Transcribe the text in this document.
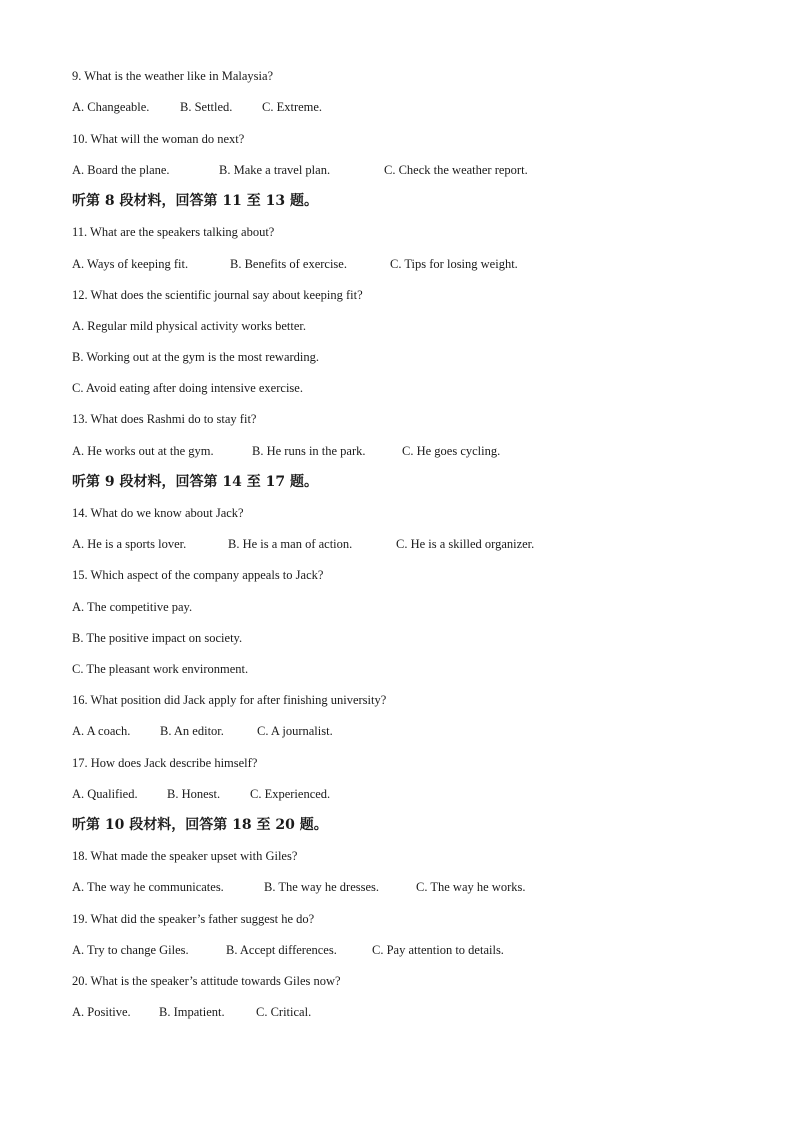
9. What is the weather like in Malaysia?
A. Changeable. B. Settled. C. Extreme.
10. What will the woman do next?
A. Board the plane.	B. Make a travel plan.	C. Check the weather report.
听第 8 段材料，回答第 11 至 13 题。
11. What are the speakers talking about?
A. Ways of keeping fit.	B. Benefits of exercise.	C. Tips for losing weight.
12. What does the scientific journal say about keeping fit?
A. Regular mild physical activity works better.
B. Working out at the gym is the most rewarding.
C. Avoid eating after doing intensive exercise.
13. What does Rashmi do to stay fit?
A. He works out at the gym.	B. He runs in the park.	C. He goes cycling.
听第 9 段材料，回答第 14 至 17 题。
14. What do we know about Jack?
A. He is a sports lover.	B. He is a man of action.	C. He is a skilled organizer.
15. Which aspect of the company appeals to Jack?
A. The competitive pay.
B. The positive impact on society.
C. The pleasant work environment.
16. What position did Jack apply for after finishing university?
A. A coach. B. An editor.	C. A journalist.
17. How does Jack describe himself?
A. Qualified. B. Honest. C. Experienced.
听第 10 段材料，回答第 18 至 20 题。
18. What made the speaker upset with Giles?
A. The way he communicates.	B. The way he dresses.	C. The way he works.
19. What did the speaker’s father suggest he do?
A. Try to change Giles.	B. Accept differences.	C. Pay attention to details.
20. What is the speaker’s attitude towards Giles now?
A. Positive. B. Impatient.	C. Critical.
